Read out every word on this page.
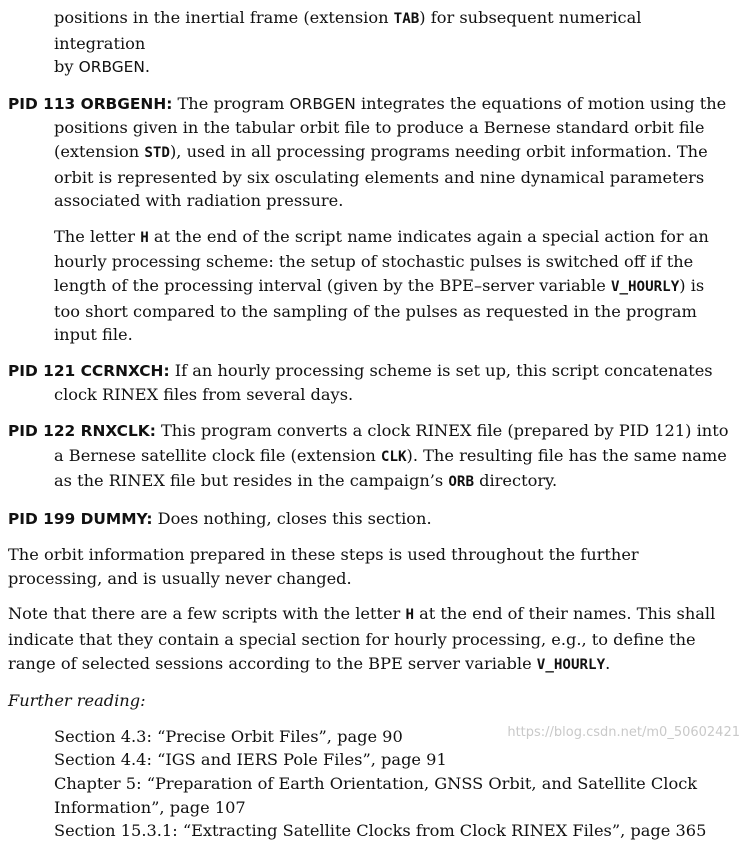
positions in the inertial frame (extension TAB) for subsequent numerical integration
by ORBGEN.

PID 113 ORBGENH: The program ORBGEN integrates the equations of motion using the positions given in the tabular orbit file to produce a Bernese standard orbit file (extension STD), used in all processing programs needing orbit information. The orbit is represented by six osculating elements and nine dynamical parameters associated with radiation pressure.

The letter H at the end of the script name indicates again a special action for an hourly processing scheme: the setup of stochastic pulses is switched off if the length of the processing interval (given by the BPE–server variable V_HOURLY) is too short compared to the sampling of the pulses as requested in the program input file.

PID 121 CCRNXCH: If an hourly processing scheme is set up, this script concatenates clock RINEX files from several days.

PID 122 RNXCLK: This program converts a clock RINEX file (prepared by PID 121) into a Bernese satellite clock file (extension CLK). The resulting file has the same name as the RINEX file but resides in the campaign’s ORB directory.

PID 199 DUMMY: Does nothing, closes this section.

The orbit information prepared in these steps is used throughout the further processing, and is usually never changed.

Note that there are a few scripts with the letter H at the end of their names. This shall indicate that they contain a special section for hourly processing, e.g., to define the range of selected sessions according to the BPE server variable V_HOURLY.

Further reading:

Section 4.3: “Precise Orbit Files”, page 90

Section 4.4: “IGS and IERS Pole Files”, page 91

Chapter 5: “Preparation of Earth Orientation, GNSS Orbit, and Satellite Clock

Information”, page 107

Section 15.3.1: “Extracting Satellite Clocks from Clock RINEX Files”, page 365

https://blog.csdn.net/m0_50602421
